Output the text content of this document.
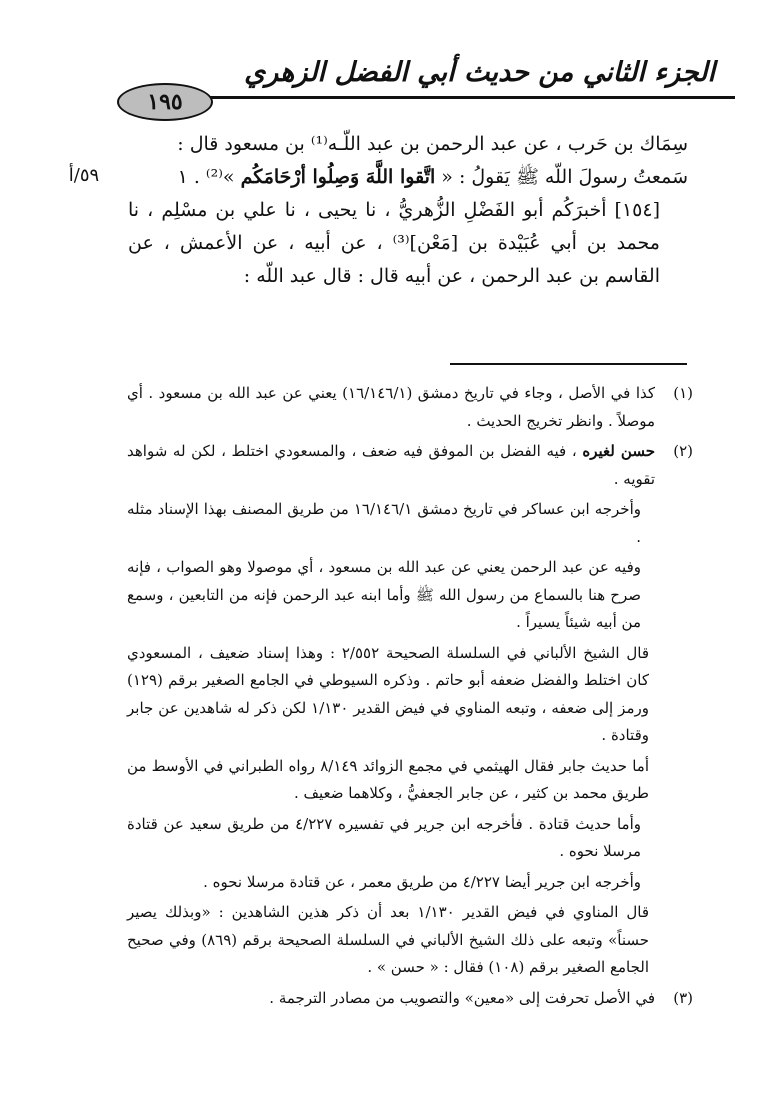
الجزء الثاني من حديث أبي الفضل الزهري
١٩٥
٥٩/أ

سِمَاك بن حَرب ، عن عبد الرحمن بن عبد اللّـه⁽¹⁾ بن مسعود قال :

سَمعتُ رسولَ اللّه ﷺ يَقولُ : « اتَّقوا اللَّهَ وَصِلُوا أرْحَامَكُم »⁽²⁾ . ١

[١٥٤] أخبرَكُم أبو الفَضْلِ الزُّهريُّ ، نا يحيى ، نا علي بن مسْلِم ، نا محمد بن أبي عُبَيْدة بن [مَعْن]⁽³⁾ ، عن أبيه ، عن الأعمش ، عن القاسم بن عبد الرحمن ، عن أبيه قال : قال عبد اللّه :

(١)

كذا في الأصل ، وجاء في تاريخ دمشق (١٦/١٤٦/١) يعني عن عبد الله بن مسعود . أي موصلاً . وانظر تخريج الحديث .

(٢)

حسن لغيره ، فيه الفضل بن الموفق فيه ضعف ، والمسعودي اختلط ، لكن له شواهد تقويه .

وأخرجه ابن عساكر في تاريخ دمشق ١٦/١٤٦/١ من طريق المصنف بهذا الإسناد مثله .

وفيه عن عبد الرحمن يعني عن عبد الله بن مسعود ، أي موصولا وهو الصواب ، فإنه صرح هنا بالسماع من رسول الله ﷺ وأما ابنه عبد الرحمن فإنه من التابعين ، وسمع من أبيه شيئاً يسيراً .

قال الشيخ الألباني في السلسلة الصحيحة ٢/٥٥٢ : وهذا إسناد ضعيف ، المسعودي كان اختلط والفضل ضعفه أبو حاتم . وذكره السيوطي في الجامع الصغير برقم (١٢٩) ورمز إلى ضعفه ، وتبعه المناوي في فيض القدير ١/١٣٠ لكن ذكر له شاهدين عن جابر وقتادة .

أما حديث جابر فقال الهيثمي في مجمع الزوائد ٨/١٤٩ رواه الطبراني في الأوسط من طريق محمد بن كثير ، عن جابر الجعفيُّ ، وكلاهما ضعيف .

وأما حديث قتادة . فأخرجه ابن جرير في تفسيره ٤/٢٢٧ من طريق سعيد عن قتادة مرسلا نحوه .

وأخرجه ابن جرير أيضا ٤/٢٢٧ من طريق معمر ، عن قتادة مرسلا نحوه .

قال المناوي في فيض القدير ١/١٣٠ بعد أن ذكر هذين الشاهدين : «وبذلك يصير حسناً» وتبعه على ذلك الشيخ الألباني في السلسلة الصحيحة برقم (٨٦٩) وفي صحيح الجامع الصغير برقم (١٠٨) فقال : « حسن » .

(٣)

في الأصل تحرفت إلى «معين» والتصويب من مصادر الترجمة .
